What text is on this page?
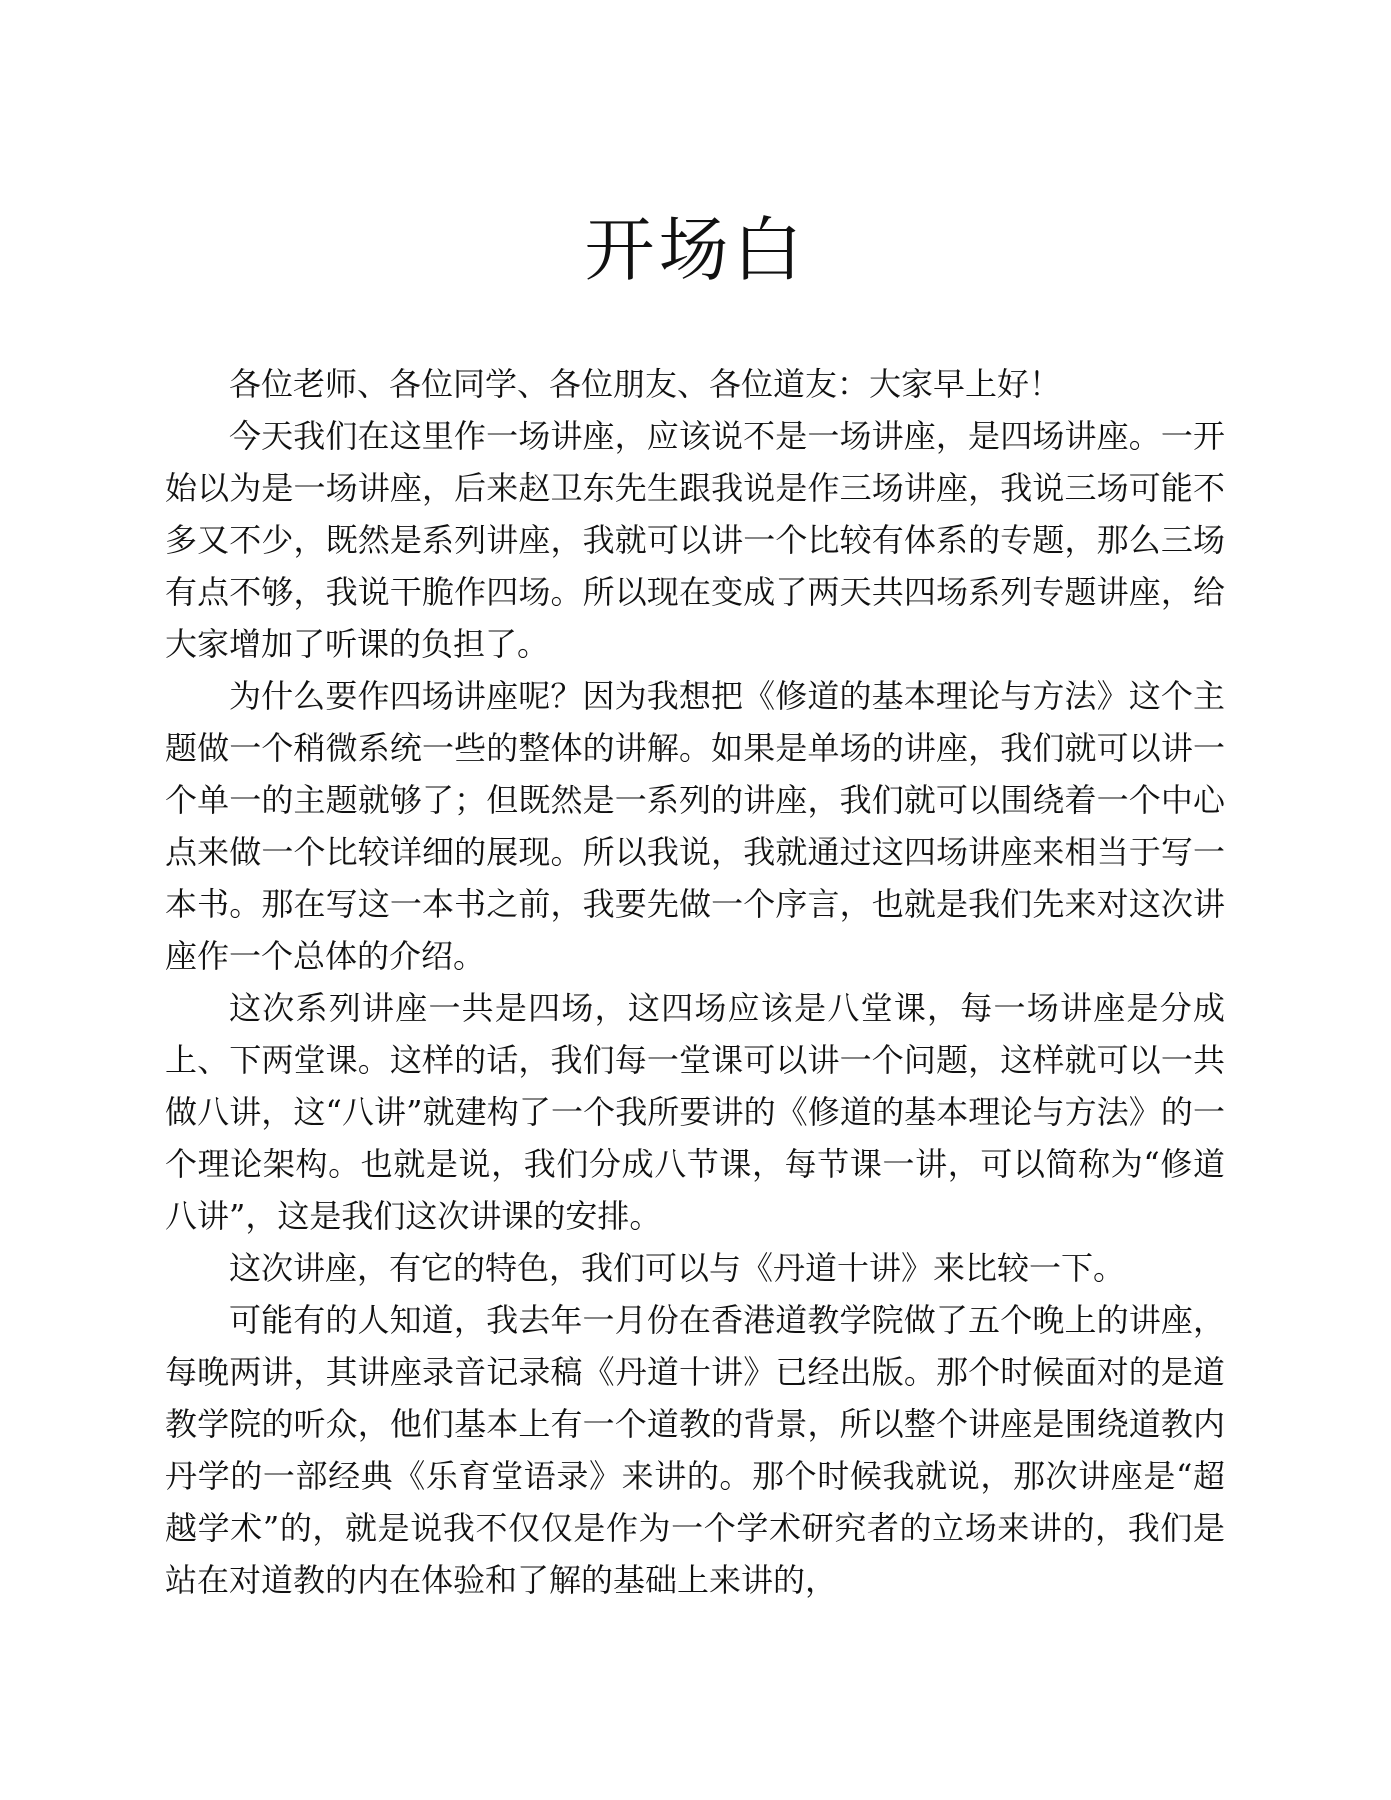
开场白

各位老师、各位同学、各位朋友、各位道友：大家早上好！

今天我们在这里作一场讲座，应该说不是一场讲座，是四场讲座。一开始以为是一场讲座，后来赵卫东先生跟我说是作三场讲座，我说三场可能不多又不少，既然是系列讲座，我就可以讲一个比较有体系的专题，那么三场有点不够，我说干脆作四场。所以现在变成了两天共四场系列专题讲座，给大家增加了听课的负担了。

为什么要作四场讲座呢？因为我想把《修道的基本理论与方法》这个主题做一个稍微系统一些的整体的讲解。如果是单场的讲座，我们就可以讲一个单一的主题就够了；但既然是一系列的讲座，我们就可以围绕着一个中心点来做一个比较详细的展现。所以我说，我就通过这四场讲座来相当于写一本书。那在写这一本书之前，我要先做一个序言，也就是我们先来对这次讲座作一个总体的介绍。

这次系列讲座一共是四场，这四场应该是八堂课，每一场讲座是分成上、下两堂课。这样的话，我们每一堂课可以讲一个问题，这样就可以一共做八讲，这“八讲”就建构了一个我所要讲的《修道的基本理论与方法》的一个理论架构。也就是说，我们分成八节课，每节课一讲，可以简称为“修道八讲”，这是我们这次讲课的安排。

这次讲座，有它的特色，我们可以与《丹道十讲》来比较一下。

可能有的人知道，我去年一月份在香港道教学院做了五个晚上的讲座，每晚两讲，其讲座录音记录稿《丹道十讲》已经出版。那个时候面对的是道教学院的听众，他们基本上有一个道教的背景，所以整个讲座是围绕道教内丹学的一部经典《乐育堂语录》来讲的。那个时候我就说，那次讲座是“超越学术”的，就是说我不仅仅是作为一个学术研究者的立场来讲的，我们是站在对道教的内在体验和了解的基础上来讲的，
